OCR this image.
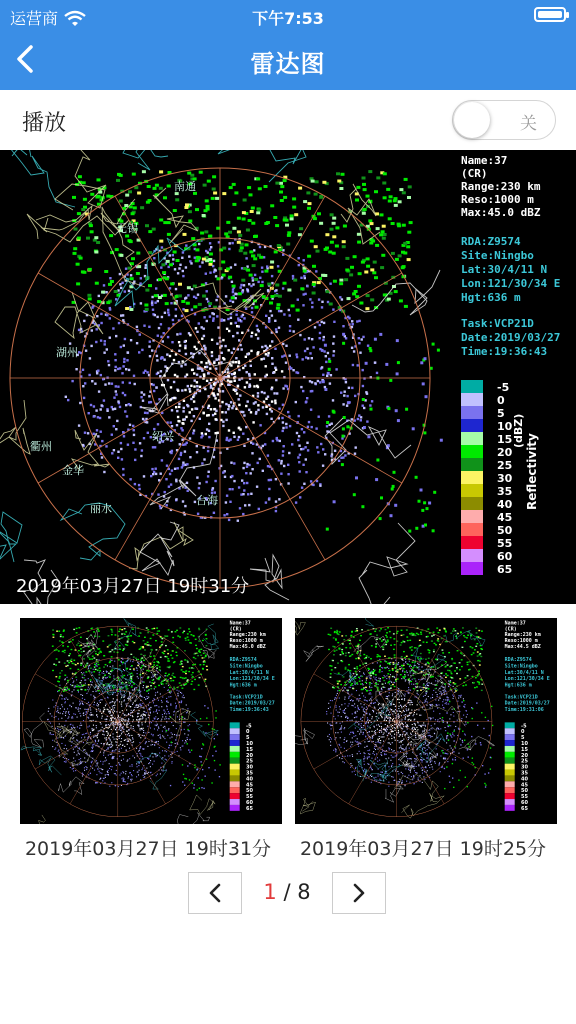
运营商	下午7:53
雷达图
播放	关
南通
无锡
湖州
金华
衢州
绍兴
台海
丽水
Name:37
(CR)
Range:230 km
Reso:1000 m
Max:45.0 dBZ
RDA:Z9574
Site:Ningbo
Lat:30/4/11 N
Lon:121/30/34 E
Hgt:636 m
Task:VCP21D
Date:2019/03/27
Time:19:36:43
-5
0
5
10
15
20
25
30
35
40
45
50
55
60
65
(dBZ)
Reflectivity
2019年03月27日 19时31分
-5
0
5
10
15
20
25
30
35
40
45
50
55
60
65
Name:37
(CR)
Range:230 km
Reso:1000 m
Max:45.0 dBZ
RDA:Z9574
Site:Ningbo
Lat:30/4/11 N
Lon:121/30/34 E
Hgt:636 m
Task:VCP21D
Date:2019/03/27
Time:19:36:43
-5
0
5
10
15
20
25
30
35
40
45
50
55
60
65
Name:37
(CR)
Range:230 km
Reso:1000 m
Max:44.5 dBZ
RDA:Z9574
Site:Ningbo
Lat:30/4/11 N
Lon:121/30/34 E
Hgt:636 m
Task:VCP21D
Date:2019/03/27
Time:19:31:06
2019年03月27日 19时31分	2019年03月27日 19时25分
1 / 8
